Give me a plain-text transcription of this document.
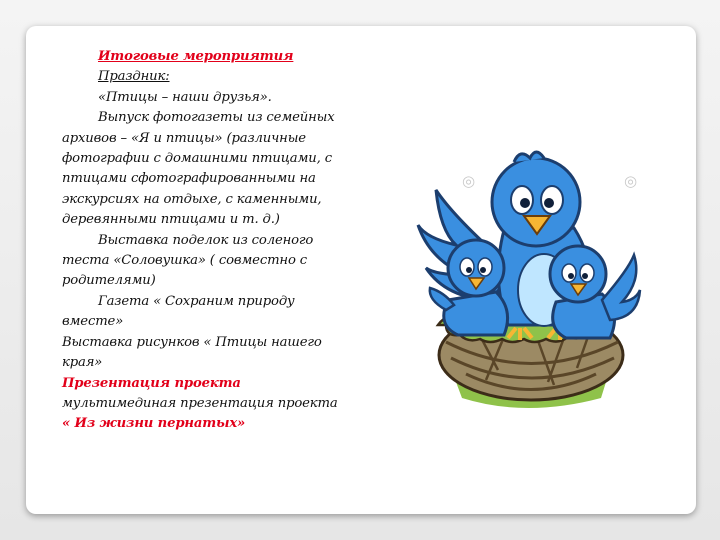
Итоговые мероприятия

Праздник:

«Птицы – наши друзья».

Выпуск фотогазеты из семейных архивов – «Я и птицы» (различные фотографии с домашними птицами, с птицами сфотографированными на экскурсиях на отдыхе, с каменными, деревянными птицами и т. д.)

Выставка поделок из соленого теста «Соловушка» ( совместно с родителями)

Газета « Сохраним природу вместе»

Выставка рисунков « Птицы нашего края»

Презентация проекта

мультимединая презентация проекта

« Из жизни пернатых»

◎	◎
